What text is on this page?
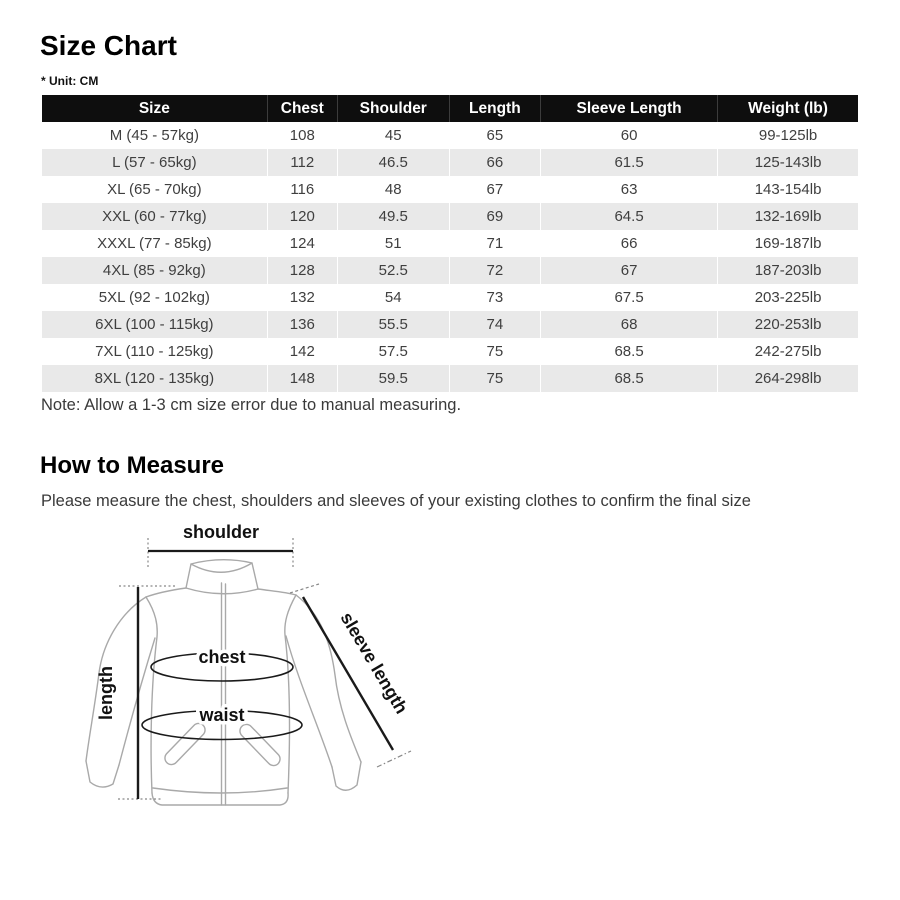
Size Chart
* Unit: CM
Size	Chest	Shoulder	Length	Sleeve Length	Weight (lb)
M (45 - 57kg)	108	45	65	60	99-125lb
L (57 - 65kg)	112	46.5	66	61.5	125-143lb
XL (65 - 70kg)	116	48	67	63	143-154lb
XXL (60 - 77kg)	120	49.5	69	64.5	132-169lb
XXXL (77 - 85kg)	124	51	71	66	169-187lb
4XL (85 - 92kg)	128	52.5	72	67	187-203lb
5XL (92 - 102kg)	132	54	73	67.5	203-225lb
6XL (100 - 115kg)	136	55.5	74	68	220-253lb
7XL (110 - 125kg)	142	57.5	75	68.5	242-275lb
8XL (120 - 135kg)	148	59.5	75	68.5	264-298lb
Note: Allow a 1-3 cm size error due to manual measuring.
How to Measure
Please measure the chest, shoulders and sleeves of your existing clothes to confirm the final size
shoulder
length
chest
waist	sleeve length
